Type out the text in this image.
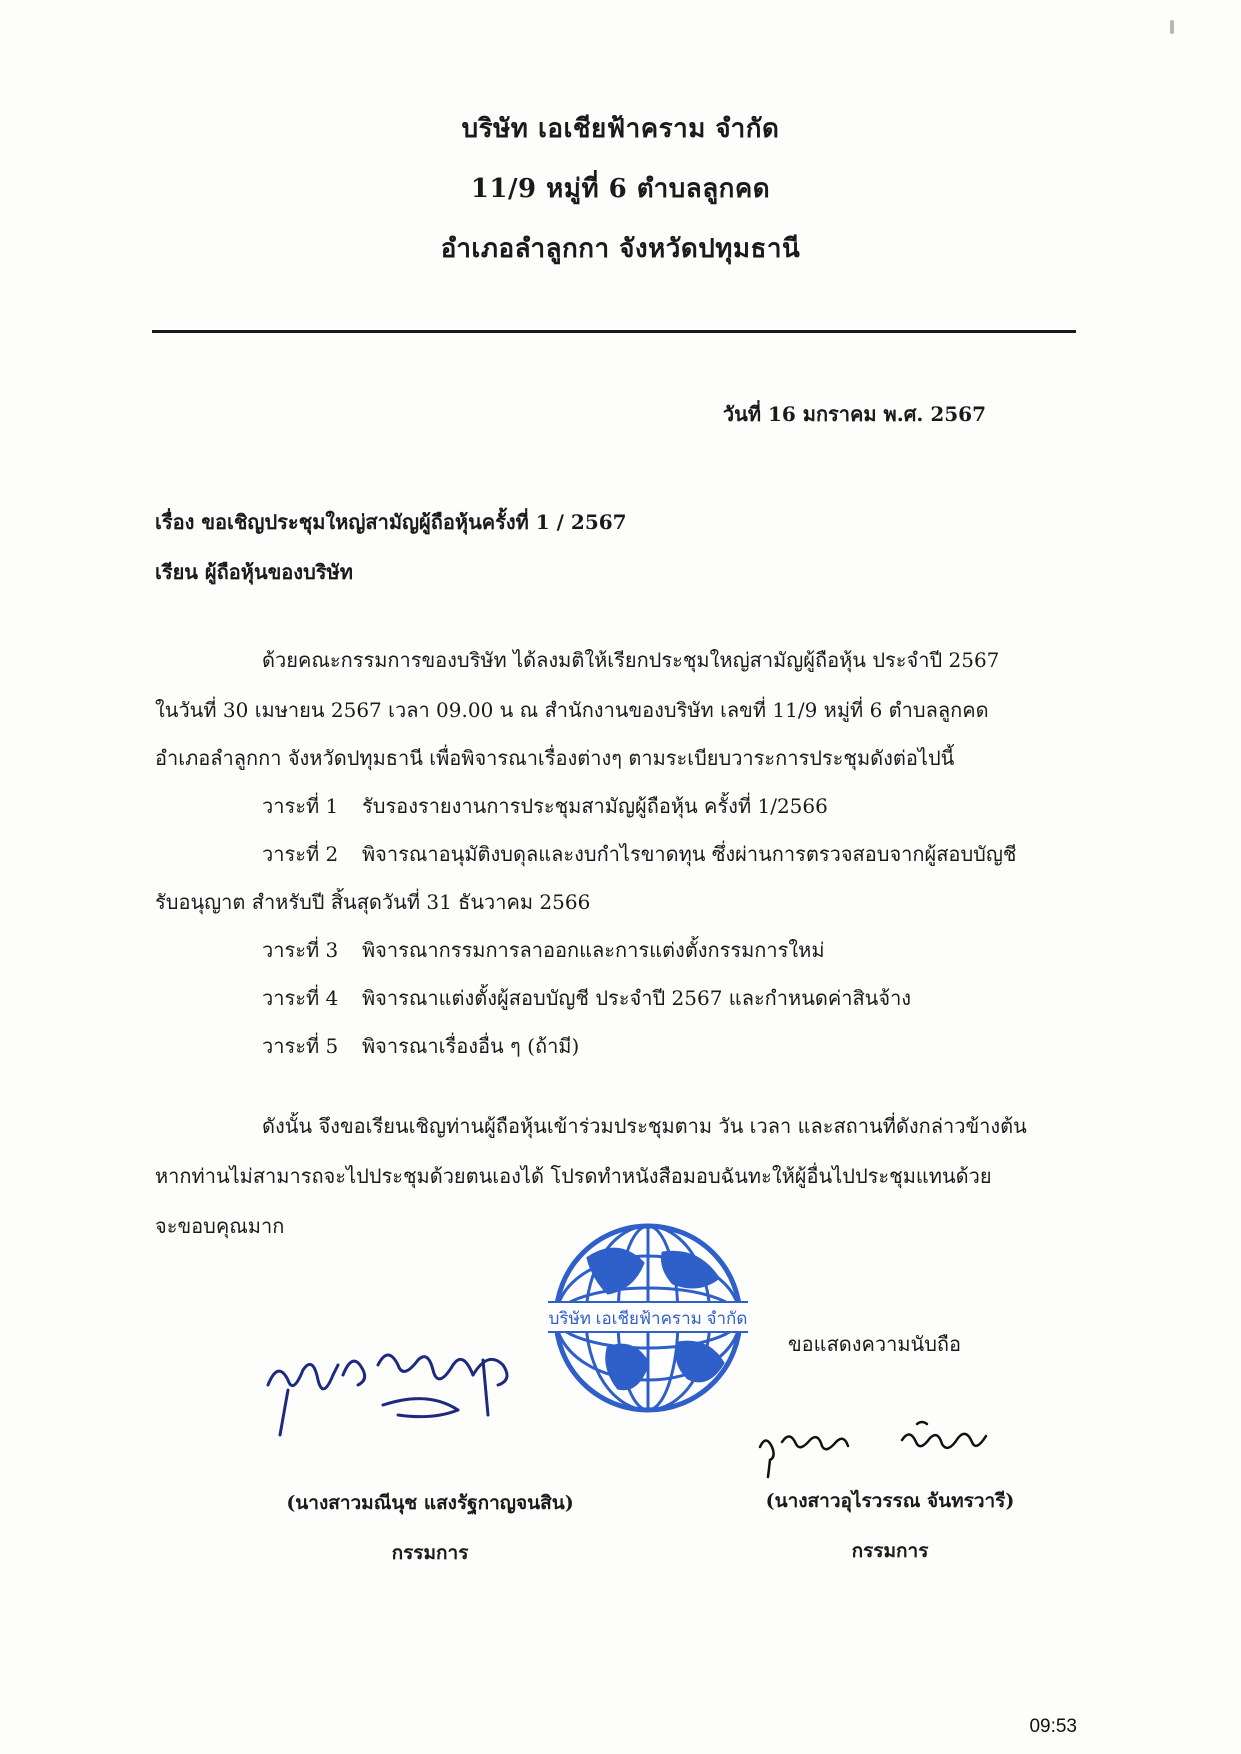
บริษัท เอเชียฟ้าคราม จำกัด
11/9 หมู่ที่ 6 ตำบลลูกคด
อำเภอลำลูกกา จังหวัดปทุมธานี
วันที่ 16 มกราคม พ.ศ. 2567
เรื่อง ขอเชิญประชุมใหญ่สามัญผู้ถือหุ้นครั้งที่ 1 / 2567
เรียน ผู้ถือหุ้นของบริษัท
ด้วยคณะกรรมการของบริษัท ได้ลงมติให้เรียกประชุมใหญ่สามัญผู้ถือหุ้น ประจำปี 2567
ในวันที่ 30 เมษายน 2567 เวลา 09.00 น ณ สำนักงานของบริษัท เลขที่ 11/9 หมู่ที่ 6 ตำบลลูกคด
อำเภอลำลูกกา จังหวัดปทุมธานี เพื่อพิจารณาเรื่องต่างๆ ตามระเบียบวาระการประชุมดังต่อไปนี้
วาระที่ 1 รับรองรายงานการประชุมสามัญผู้ถือหุ้น ครั้งที่ 1/2566
วาระที่ 2 พิจารณาอนุมัติงบดุลและงบกำไรขาดทุน ซึ่งผ่านการตรวจสอบจากผู้สอบบัญชี
รับอนุญาต สำหรับปี สิ้นสุดวันที่ 31 ธันวาคม 2566
วาระที่ 3 พิจารณากรรมการลาออกและการแต่งตั้งกรรมการใหม่
วาระที่ 4 พิจารณาแต่งตั้งผู้สอบบัญชี ประจำปี 2567 และกำหนดค่าสินจ้าง
วาระที่ 5 พิจารณาเรื่องอื่น ๆ (ถ้ามี)
ดังนั้น จึงขอเรียนเชิญท่านผู้ถือหุ้นเข้าร่วมประชุมตาม วัน เวลา และสถานที่ดังกล่าวข้างต้น
หากท่านไม่สามารถจะไปประชุมด้วยตนเองได้ โปรดทำหนังสือมอบฉันทะให้ผู้อื่นไปประชุมแทนด้วย
จะขอบคุณมาก
บริษัท เอเชียฟ้าคราม จำกัด
ขอแสดงความนับถือ
(นางสาวมณีนุช แสงรัฐกาญจนสิน)
กรรมการ
(นางสาวอุไรวรรณ จันทรวารี)
กรรมการ
09:53
